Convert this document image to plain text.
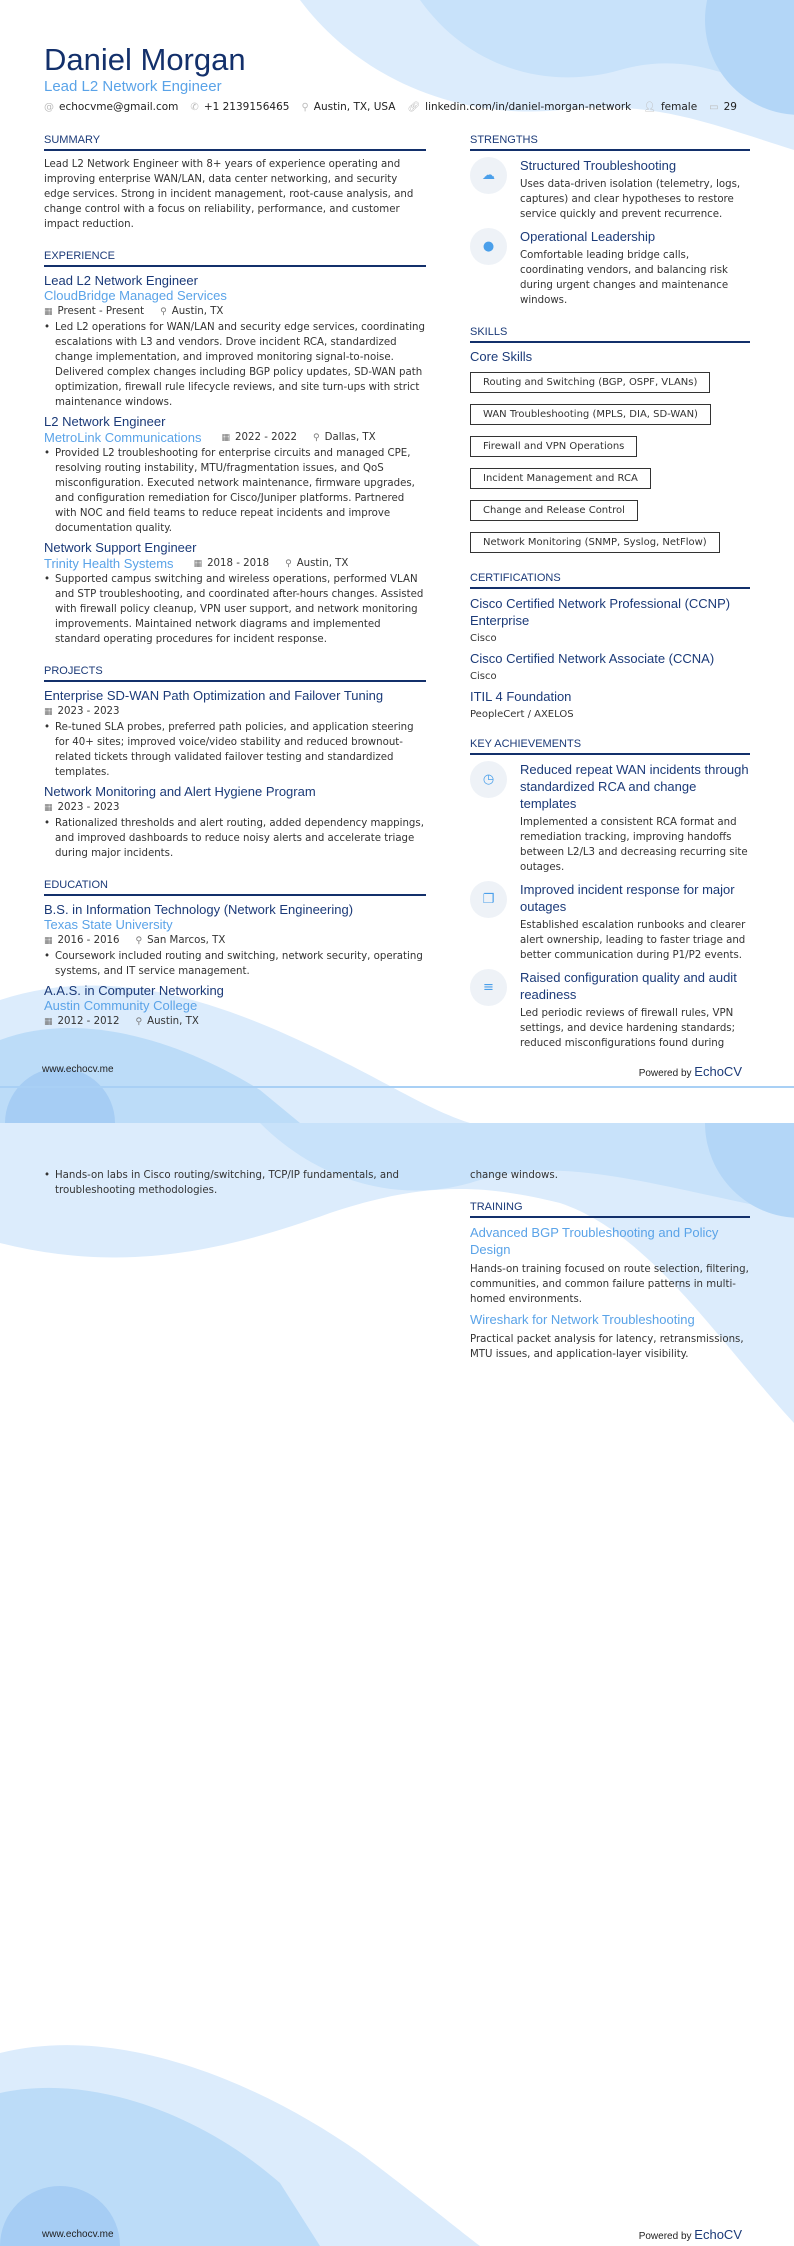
Daniel Morgan
Lead L2 Network Engineer
@ echocvme@gmail.com ✆ +1 2139156465 ⚲ Austin, TX, USA 🔗︎ linkedin.com/in/daniel-morgan-network 👤︎ female ▭ 29
SUMMARY
Lead L2 Network Engineer with 8+ years of experience operating and improving enterprise WAN/LAN, data center networking, and security edge services. Strong in incident management, root-cause analysis, and change control with a focus on reliability, performance, and customer impact reduction.
EXPERIENCE
Lead L2 Network Engineer
CloudBridge Managed Services
▦ Present - Present ⚲ Austin, TX
• Led L2 operations for WAN/LAN and security edge services, coordinating escalations with L3 and vendors. Drove incident RCA, standardized change implementation, and improved monitoring signal-to-noise. Delivered complex changes including BGP policy updates, SD-WAN path optimization, firewall rule lifecycle reviews, and site turn-ups with strict maintenance windows.
L2 Network Engineer
MetroLink Communications ▦ 2022 - 2022 ⚲ Dallas, TX
• Provided L2 troubleshooting for enterprise circuits and managed CPE, resolving routing instability, MTU/fragmentation issues, and QoS misconfiguration. Executed network maintenance, firmware upgrades, and configuration remediation for Cisco/Juniper platforms. Partnered with NOC and field teams to reduce repeat incidents and improve documentation quality.
Network Support Engineer
Trinity Health Systems ▦ 2018 - 2018 ⚲ Austin, TX
• Supported campus switching and wireless operations, performed VLAN and STP troubleshooting, and coordinated after-hours changes. Assisted with firewall policy cleanup, VPN user support, and network monitoring improvements. Maintained network diagrams and implemented standard operating procedures for incident response.
PROJECTS
Enterprise SD-WAN Path Optimization and Failover Tuning
▦ 2023 - 2023
• Re-tuned SLA probes, preferred path policies, and application steering for 40+ sites; improved voice/video stability and reduced brownout-related tickets through validated failover testing and standardized templates.
Network Monitoring and Alert Hygiene Program
▦ 2023 - 2023
• Rationalized thresholds and alert routing, added dependency mappings, and improved dashboards to reduce noisy alerts and accelerate triage during major incidents.
EDUCATION
B.S. in Information Technology (Network Engineering)
Texas State University
▦ 2016 - 2016 ⚲ San Marcos, TX
• Coursework included routing and switching, network security, operating systems, and IT service management.
A.A.S. in Computer Networking
Austin Community College
▦ 2012 - 2012 ⚲ Austin, TX
STRENGTHS
☁
Structured Troubleshooting
Uses data-driven isolation (telemetry, logs, captures) and clear hypotheses to restore service quickly and prevent recurrence.
●
Operational Leadership
Comfortable leading bridge calls, coordinating vendors, and balancing risk during urgent changes and maintenance windows.
SKILLS
Core Skills
Routing and Switching (BGP, OSPF, VLANs)
WAN Troubleshooting (MPLS, DIA, SD-WAN)
Firewall and VPN Operations
Incident Management and RCA
Change and Release Control
Network Monitoring (SNMP, Syslog, NetFlow)
CERTIFICATIONS
Cisco Certified Network Professional (CCNP) Enterprise
Cisco
Cisco Certified Network Associate (CCNA)
Cisco
ITIL 4 Foundation
PeopleCert / AXELOS
KEY ACHIEVEMENTS
◷
Reduced repeat WAN incidents through standardized RCA and change templates
Implemented a consistent RCA format and remediation tracking, improving handoffs between L2/L3 and decreasing recurring site outages.
❐
Improved incident response for major outages
Established escalation runbooks and clearer alert ownership, leading to faster triage and better communication during P1/P2 events.
≡
Raised configuration quality and audit readiness
Led periodic reviews of firewall rules, VPN settings, and device hardening standards; reduced misconfigurations found during
www.echocv.me	Powered by EchoCV
• Hands-on labs in Cisco routing/switching, TCP/IP fundamentals, and troubleshooting methodologies.
change windows.
TRAINING
Advanced BGP Troubleshooting and Policy Design
Hands-on training focused on route selection, filtering, communities, and common failure patterns in multi-homed environments.
Wireshark for Network Troubleshooting
Practical packet analysis for latency, retransmissions, MTU issues, and application-layer visibility.
www.echocv.me	Powered by EchoCV
